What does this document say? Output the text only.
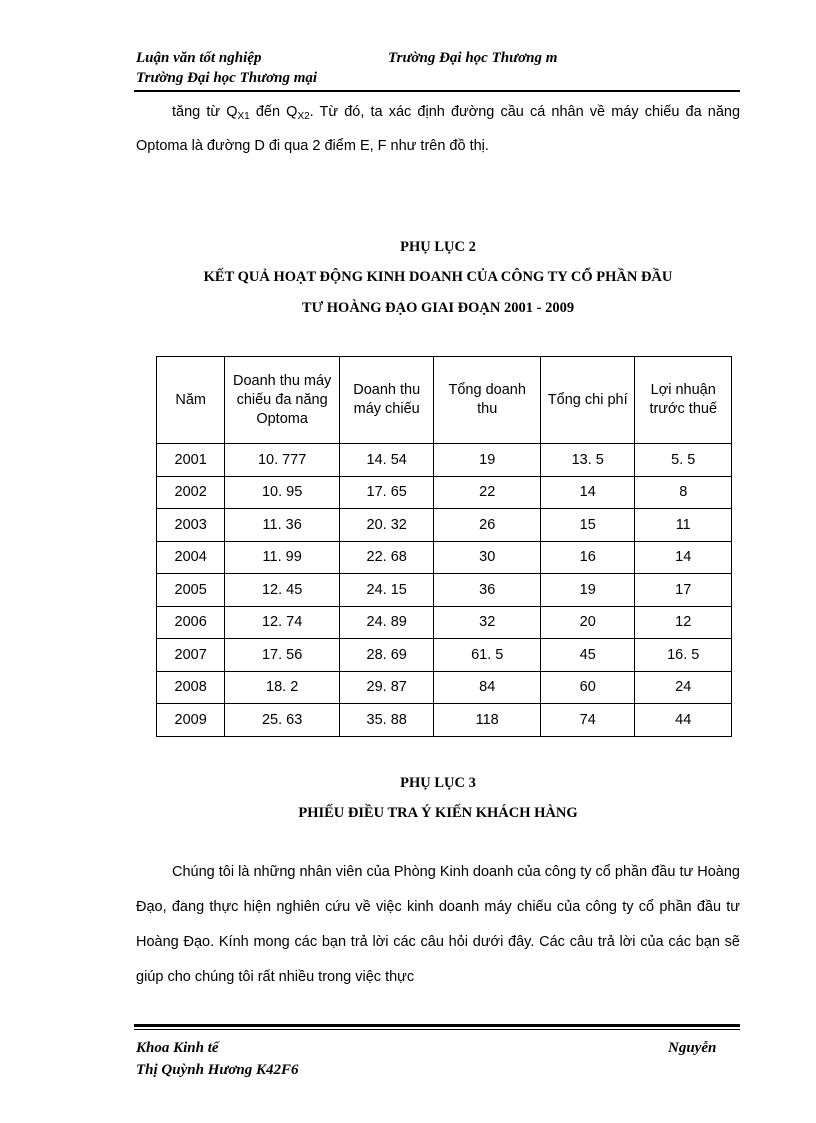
Luận văn tốt nghiệp
Trường Đại học Thương mại
Trường Đại học Thương m
tăng từ $Q_{X1}$ đến $Q_{X2}$. Từ đó, ta xác định đường cầu cá nhân về máy chiếu đa năng Optoma là đường D đi qua 2 điểm E, F như trên đồ thị.
PHỤ LỤC 2
KẾT QUẢ HOẠT ĐỘNG KINH DOANH CỦA CÔNG TY CỔ PHẦN ĐẦU
TƯ HOÀNG ĐẠO GIAI ĐOẠN 2001 - 2009
Năm	Doanh thu máy chiếu đa năng Optoma	Doanh thu máy chiếu	Tổng doanh thu	Tổng chi phí	Lợi nhuận trước thuế
2001	10. 777	14. 54	19	13. 5	5. 5
2002	10. 95	17. 65	22	14	8
2003	11. 36	20. 32	26	15	11
2004	11. 99	22. 68	30	16	14
2005	12. 45	24. 15	36	19	17
2006	12. 74	24. 89	32	20	12
2007	17. 56	28. 69	61. 5	45	16. 5
2008	18. 2	29. 87	84	60	24
2009	25. 63	35. 88	118	74	44
PHỤ LỤC 3
PHIẾU ĐIỀU TRA Ý KIẾN KHÁCH HÀNG
Chúng tôi là những nhân viên của Phòng Kinh doanh của công ty cổ phần đầu tư Hoàng Đạo, đang thực hiện nghiên cứu về việc kinh doanh máy chiếu của công ty cổ phần đầu tư Hoàng Đạo. Kính mong các bạn trả lời các câu hỏi dưới đây. Các câu trả lời của các bạn sẽ giúp cho chúng tôi rất nhiều trong việc thực
Khoa Kinh tế
Thị Quỳnh Hương K42F6
Nguyễn
